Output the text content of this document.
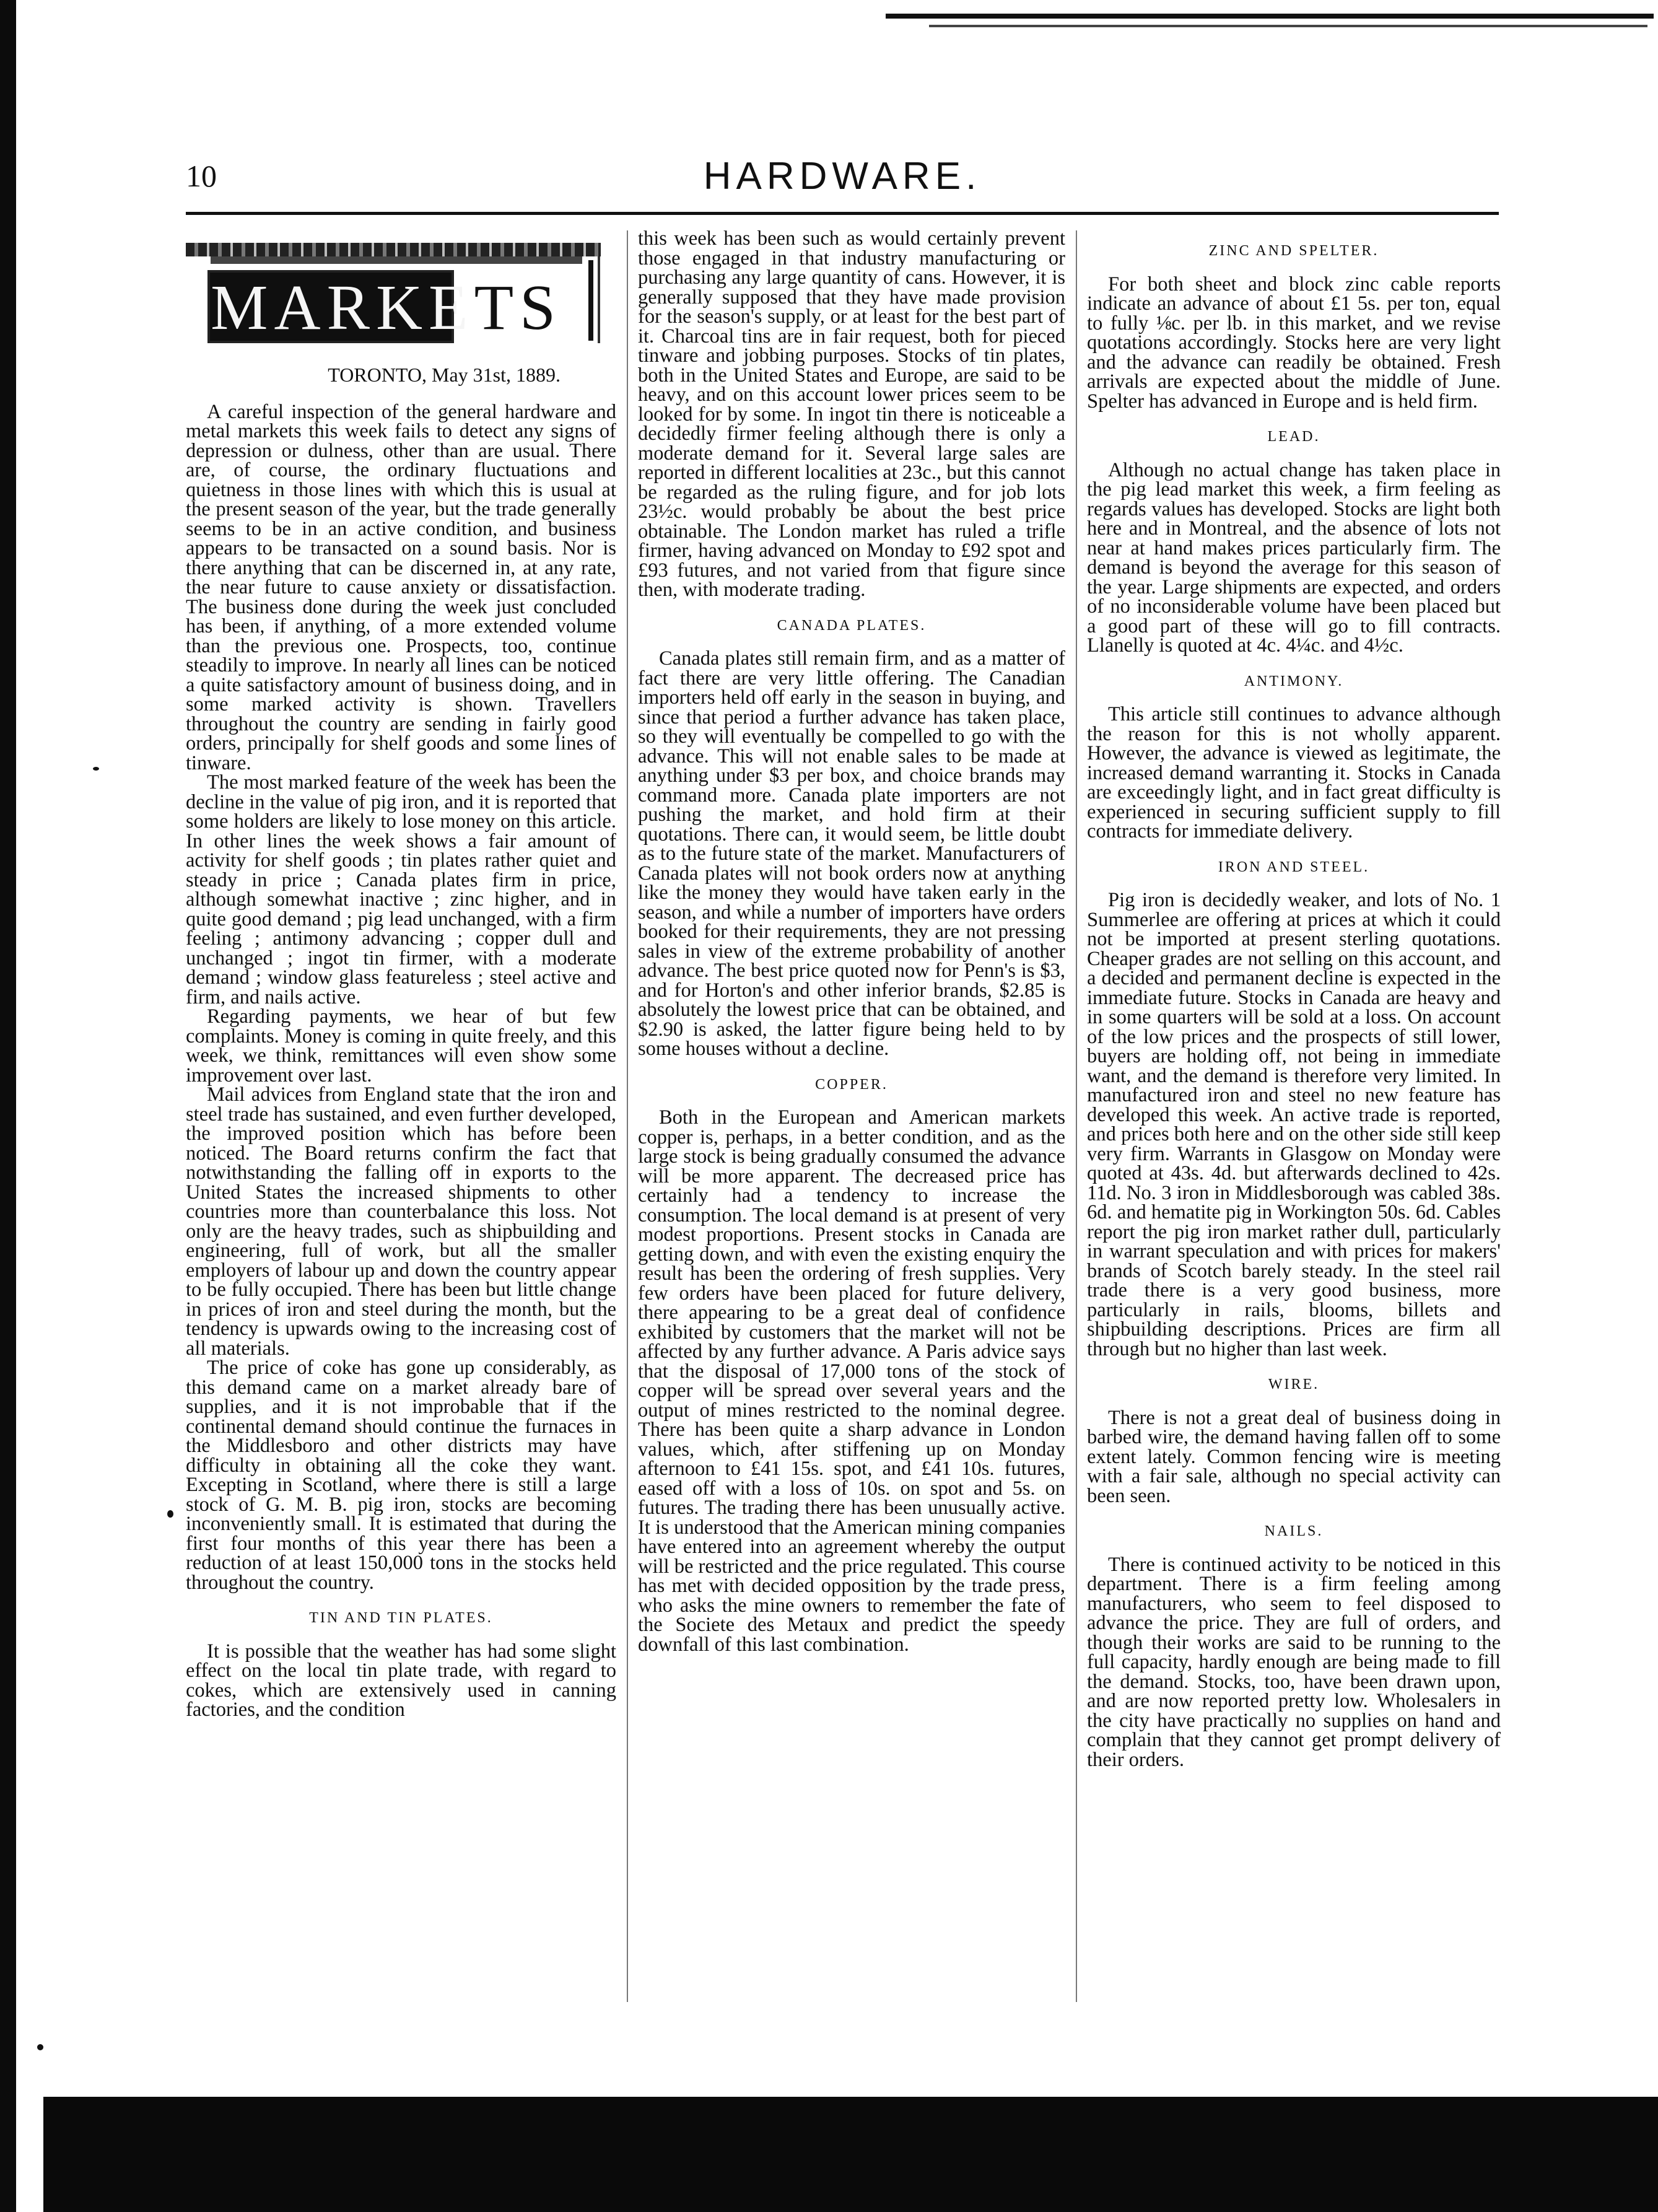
10	HARDWARE.
MARKETS

TORONTO, May 31st, 1889.

A careful inspection of the general hardware and metal markets this week fails to detect any signs of depression or dulness, other than are usual. There are, of course, the ordinary fluctuations and quietness in those lines with which this is usual at the present season of the year, but the trade generally seems to be in an active condition, and business appears to be transacted on a sound basis. Nor is there anything that can be discerned in, at any rate, the near future to cause anxiety or dissatisfaction. The business done during the week just concluded has been, if anything, of a more extended volume than the previous one. Prospects, too, continue steadily to improve. In nearly all lines can be noticed a quite satisfactory amount of business doing, and in some marked activity is shown. Travellers throughout the country are sending in fairly good orders, principally for shelf goods and some lines of tinware.

The most marked feature of the week has been the decline in the value of pig iron, and it is reported that some holders are likely to lose money on this article. In other lines the week shows a fair amount of activity for shelf goods ; tin plates rather quiet and steady in price ; Canada plates firm in price, although somewhat inactive ; zinc higher, and in quite good demand ; pig lead unchanged, with a firm feeling ; antimony advancing ; copper dull and unchanged ; ingot tin firmer, with a moderate demand ; window glass featureless ; steel active and firm, and nails active.

Regarding payments, we hear of but few complaints. Money is coming in quite freely, and this week, we think, remittances will even show some improvement over last.

Mail advices from England state that the iron and steel trade has sustained, and even further developed, the improved position which has before been noticed. The Board returns confirm the fact that notwithstanding the falling off in exports to the United States the increased shipments to other countries more than counterbalance this loss. Not only are the heavy trades, such as shipbuilding and engineering, full of work, but all the smaller employers of labour up and down the country appear to be fully occupied. There has been but little change in prices of iron and steel during the month, but the tendency is upwards owing to the increasing cost of all materials.

The price of coke has gone up considerably, as this demand came on a market already bare of supplies, and it is not improbable that if the continental demand should continue the furnaces in the Middlesboro and other districts may have difficulty in obtaining all the coke they want. Excepting in Scotland, where there is still a large stock of G. M. B. pig iron, stocks are becoming inconveniently small. It is estimated that during the first four months of this year there has been a reduction of at least 150,000 tons in the stocks held throughout the country.

TIN AND TIN PLATES.

It is possible that the weather has had some slight effect on the local tin plate trade, with regard to cokes, which are extensively used in canning factories, and the condition

this week has been such as would certainly prevent those engaged in that industry manufacturing or purchasing any large quantity of cans. However, it is generally supposed that they have made provision for the season's supply, or at least for the best part of it. Charcoal tins are in fair request, both for pieced tinware and jobbing purposes. Stocks of tin plates, both in the United States and Europe, are said to be heavy, and on this account lower prices seem to be looked for by some. In ingot tin there is noticeable a decidedly firmer feeling although there is only a moderate demand for it. Several large sales are reported in different localities at 23c., but this cannot be regarded as the ruling figure, and for job lots 23½c. would probably be about the best price obtainable. The London market has ruled a trifle firmer, having advanced on Monday to £92 spot and £93 futures, and not varied from that figure since then, with moderate trading.

CANADA PLATES.

Canada plates still remain firm, and as a matter of fact there are very little offering. The Canadian importers held off early in the season in buying, and since that period a further advance has taken place, so they will eventually be compelled to go with the advance. This will not enable sales to be made at anything under $3 per box, and choice brands may command more. Canada plate importers are not pushing the market, and hold firm at their quotations. There can, it would seem, be little doubt as to the future state of the market. Manufacturers of Canada plates will not book orders now at anything like the money they would have taken early in the season, and while a number of importers have orders booked for their requirements, they are not pressing sales in view of the extreme probability of another advance. The best price quoted now for Penn's is $3, and for Horton's and other inferior brands, $2.85 is absolutely the lowest price that can be obtained, and $2.90 is asked, the latter figure being held to by some houses without a decline.

COPPER.

Both in the European and American markets copper is, perhaps, in a better condition, and as the large stock is being gradually consumed the advance will be more apparent. The decreased price has certainly had a tendency to increase the consumption. The local demand is at present of very modest proportions. Present stocks in Canada are getting down, and with even the existing enquiry the result has been the ordering of fresh supplies. Very few orders have been placed for future delivery, there appearing to be a great deal of confidence exhibited by customers that the market will not be affected by any further advance. A Paris advice says that the disposal of 17,000 tons of the stock of copper will be spread over several years and the output of mines restricted to the nominal degree. There has been quite a sharp advance in London values, which, after stiffening up on Monday afternoon to £41 15s. spot, and £41 10s. futures, eased off with a loss of 10s. on spot and 5s. on futures. The trading there has been unusually active. It is understood that the American mining companies have entered into an agreement whereby the output will be restricted and the price regulated. This course has met with decided opposition by the trade press, who asks the mine owners to remember the fate of the Societe des Metaux and predict the speedy downfall of this last combination.

ZINC AND SPELTER.

For both sheet and block zinc cable reports indicate an advance of about £1 5s. per ton, equal to fully ⅛c. per lb. in this market, and we revise quotations accordingly. Stocks here are very light and the advance can readily be obtained. Fresh arrivals are expected about the middle of June. Spelter has advanced in Europe and is held firm.

LEAD.

Although no actual change has taken place in the pig lead market this week, a firm feeling as regards values has developed. Stocks are light both here and in Montreal, and the absence of lots not near at hand makes prices particularly firm. The demand is beyond the average for this season of the year. Large shipments are expected, and orders of no inconsiderable volume have been placed but a good part of these will go to fill contracts. Llanelly is quoted at 4c. 4¼c. and 4½c.

ANTIMONY.

This article still continues to advance although the reason for this is not wholly apparent. However, the advance is viewed as legitimate, the increased demand warranting it. Stocks in Canada are exceedingly light, and in fact great difficulty is experienced in securing sufficient supply to fill contracts for immediate delivery.

IRON AND STEEL.

Pig iron is decidedly weaker, and lots of No. 1 Summerlee are offering at prices at which it could not be imported at present sterling quotations. Cheaper grades are not selling on this account, and a decided and permanent decline is expected in the immediate future. Stocks in Canada are heavy and in some quarters will be sold at a loss. On account of the low prices and the prospects of still lower, buyers are holding off, not being in immediate want, and the demand is therefore very limited. In manufactured iron and steel no new feature has developed this week. An active trade is reported, and prices both here and on the other side still keep very firm. Warrants in Glasgow on Monday were quoted at 43s. 4d. but afterwards declined to 42s. 11d. No. 3 iron in Middlesborough was cabled 38s. 6d. and hematite pig in Workington 50s. 6d. Cables report the pig iron market rather dull, particularly in warrant speculation and with prices for makers' brands of Scotch barely steady. In the steel rail trade there is a very good business, more particularly in rails, blooms, billets and shipbuilding descriptions. Prices are firm all through but no higher than last week.

WIRE.

There is not a great deal of business doing in barbed wire, the demand having fallen off to some extent lately. Common fencing wire is meeting with a fair sale, although no special activity can been seen.

NAILS.

There is continued activity to be noticed in this department. There is a firm feeling among manufacturers, who seem to feel disposed to advance the price. They are full of orders, and though their works are said to be running to the full capacity, hardly enough are being made to fill the demand. Stocks, too, have been drawn upon, and are now reported pretty low. Wholesalers in the city have practically no supplies on hand and complain that they cannot get prompt delivery of their orders.
